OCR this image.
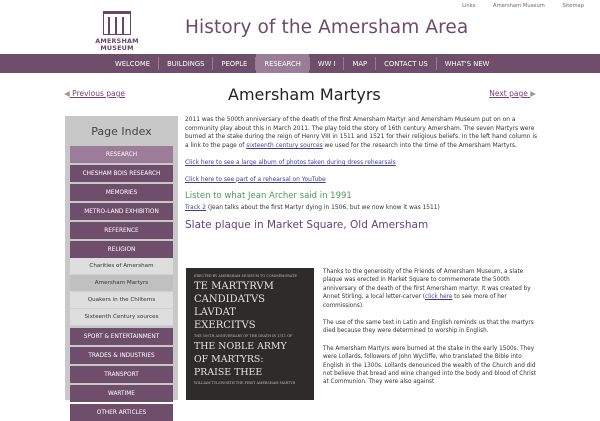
Links	Amersham Museum	Sitemap
AMERSHAM
MUSEUM
History of the Amersham Area
WELCOME	BUILDINGS	PEOPLE	RESEARCH	WW I	MAP	CONTACT US	WHAT'S NEW
◀ Previous page	Amersham Martyrs	Next page ▶
Page Index
RESEARCH
CHESHAM BOIS RESEARCH
MEMORIES
METRO-LAND EXHIBITION
REFERENCE
RELIGION
Charities of Amersham
Amersham Martyrs
Quakers in the Chilterns
Sixteenth Century sources
SPORT & ENTERTAINMENT
TRADES & INDUSTRIES
TRANSPORT
WARTIME
OTHER ARTICLES

2011 was the 500th anniversary of the death of the first Amersham Martyr and Amersham Museum put on on a community play about this in March 2011. The play told the story of 16th century Amersham. The seven Martyrs were burned at the stake during the reign of Henry VIII in 1511 and 1521 for their religious beliefs. In the left hand column is a link to the page of sixteenth century sources we used for the research into the time of the Amersham Martyrs.

Click here to see a large album of photos taken during dress rehearsals

Click here to see part of a rehearsal on YouTube

Listen to what Jean Archer said in 1991

Track 2 (Jean talks about the first Martyr dying in 1506, but we now know it was 1511)

Slate plaque in Market Square, Old Amersham
ERECTED BY AMERSHAM MUSEUM TO COMMEMORATE
TE MARTYRVM
CANDIDATVS
LAVDAT
EXERCITVS
THE 500TH ANNIVERSARY OF THE DEATH IN 1511 OF
THE NOBLE ARMY
OF MARTYRS:
PRAISE THEE
WILLIAM TYLSWORTH THE FIRST AMERSHAM MARTYR

Thanks to the generosity of the Friends of Amersham Museum, a slate plaque was erected in Market Square to commemorate the 500th anniversary of the death of the first Amersham martyr. It was created by Annet Stirling, a local letter-carver (click here to see more of her commissions).

The use of the same text in Latin and English reminds us that the martyrs died because they were determined to worship in English.

The Amersham Martyrs were burned at the stake in the early 1500s. They were Lollards, followers of John Wycliffe, who translated the Bible into English in the 1300s. Lollards denounced the wealth of the Church and did not believe that bread and wine changed into the body and blood of Christ at Communion. They were also against
